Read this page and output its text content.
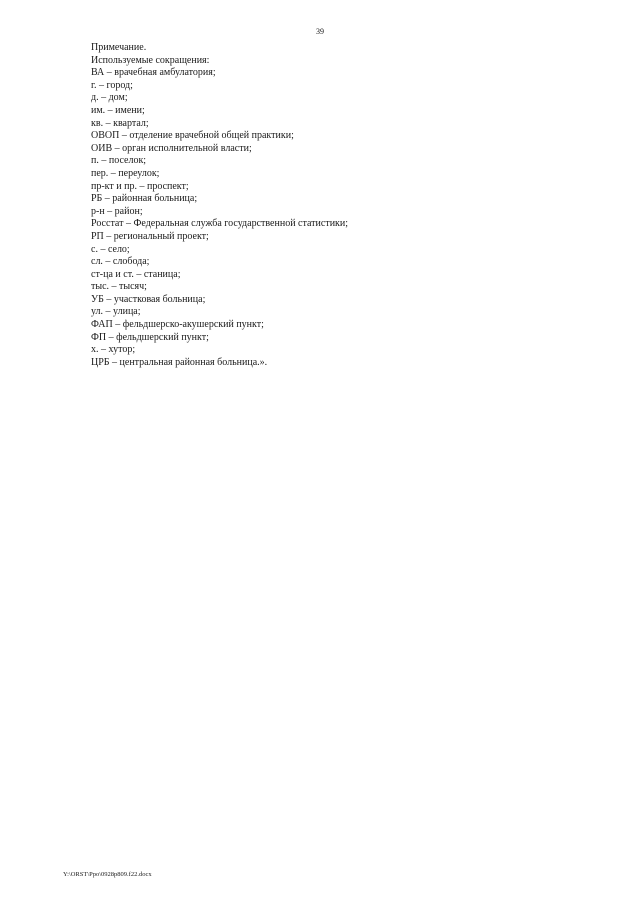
39

Примечание.

Используемые сокращения:

ВА – врачебная амбулатория;
г. – город;
д. – дом;
им. – имени;
кв. – квартал;
ОВОП – отделение врачебной общей практики;
ОИВ – орган исполнительной власти;
п. – поселок;
пер. – переулок;
пр-кт и пр. – проспект;
РБ – районная больница;
р-н – район;
Росстат – Федеральная служба государственной статистики;
РП – региональный проект;
с. – село;
сл. – слобода;
ст-ца и ст. – станица;
тыс. – тысяч;
УБ – участковая больница;
ул. – улица;
ФАП – фельдшерско-акушерский пункт;
ФП – фельдшерский пункт;
х. – хутор;
ЦРБ – центральная районная больница.».
Y:\ORST\Ppo\0928p809.f22.docx
